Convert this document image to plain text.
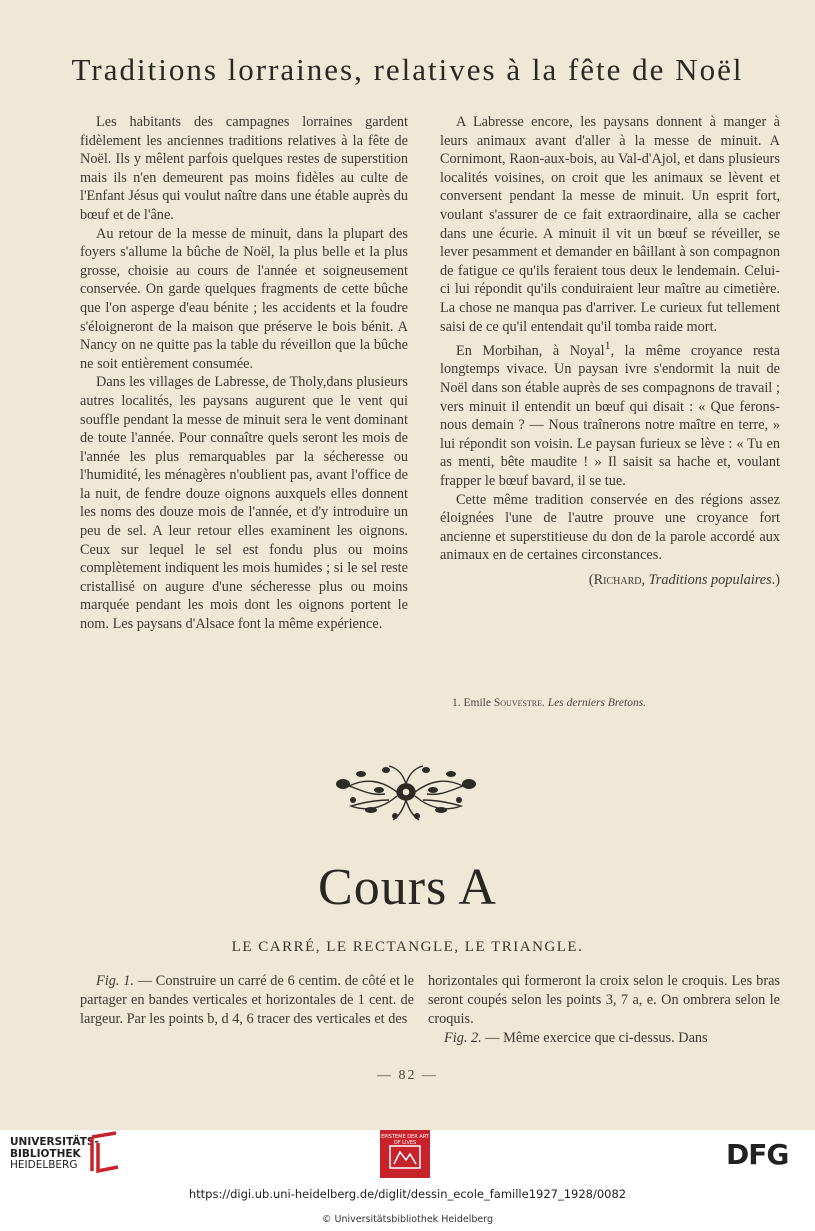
Traditions lorraines, relatives à la fête de Noël

Les habitants des campagnes lorraines gardent fidèlement les anciennes traditions relatives à la fête de Noël. Ils y mêlent parfois quelques restes de superstition mais ils n'en demeurent pas moins fidèles au culte de l'Enfant Jésus qui voulut naître dans une étable auprès du bœuf et de l'âne.

Au retour de la messe de minuit, dans la plupart des foyers s'allume la bûche de Noël, la plus belle et la plus grosse, choisie au cours de l'année et soigneusement conservée. On garde quelques fragments de cette bûche que l'on asperge d'eau bénite ; les accidents et la foudre s'éloigneront de la maison que préserve le bois bénit. A Nancy on ne quitte pas la table du réveillon que la bûche ne soit entièrement consumée.

Dans les villages de Labresse, de Tholy,dans plusieurs autres localités, les paysans augurent que le vent qui souffle pendant la messe de minuit sera le vent dominant de toute l'année. Pour connaître quels seront les mois de l'année les plus remarquables par la sécheresse ou l'humidité, les ménagères n'oublient pas, avant l'office de la nuit, de fendre douze oignons auxquels elles donnent les noms des douze mois de l'année, et d'y introduire un peu de sel. A leur retour elles examinent les oignons. Ceux sur lequel le sel est fondu plus ou moins complètement indiquent les mois humides ; si le sel reste cristallisé on augure d'une sécheresse plus ou moins marquée pendant les mois dont les oignons portent le nom. Les paysans d'Alsace font la même expérience.

A Labresse encore, les paysans donnent à manger à leurs animaux avant d'aller à la messe de minuit. A Cornimont, Raon-aux-bois, au Val-d'Ajol, et dans plusieurs localités voisines, on croit que les animaux se lèvent et conversent pendant la messe de minuit. Un esprit fort, voulant s'assurer de ce fait extraordinaire, alla se cacher dans une écurie. A minuit il vit un bœuf se réveiller, se lever pesamment et demander en bâillant à son compagnon de fatigue ce qu'ils feraient tous deux le lendemain. Celui-ci lui répondit qu'ils conduiraient leur maître au cimetière. La chose ne manqua pas d'arriver. Le curieux fut tellement saisi de ce qu'il entendait qu'il tomba raide mort.

En Morbihan, à Noyal$^1$, la même croyance resta longtemps vivace. Un paysan ivre s'endormit la nuit de Noël dans son étable auprès de ses compagnons de travail ; vers minuit il entendit un bœuf qui disait : « Que ferons-nous demain ? — Nous traînerons notre maître en terre, » lui répondit son voisin. Le paysan furieux se lève : « Tu en as menti, bête maudite ! » Il saisit sa hache et, voulant frapper le bœuf bavard, il se tue.

Cette même tradition conservée en des régions assez éloignées l'une de l'autre prouve une croyance fort ancienne et superstitieuse du don de la parole accordé aux animaux en de certaines circonstances.

(Richard, Traditions populaires.)
1. Emile Souvestre. Les derniers Bretons.
Cours A
LE CARRÉ, LE RECTANGLE, LE TRIANGLE.

Fig. 1. — Construire un carré de 6 centim. de côté et le partager en bandes verticales et horizontales de 1 cent. de largeur. Par les points b, d 4, 6 tracer des verticales et des

horizontales qui formeront la croix selon le croquis. Les bras seront coupés selon les points 3, 7 a, e. On ombrera selon le croquis.

Fig. 2. — Même exercice que ci-dessus. Dans

— 82 —
UNIVERSITÄTS-
BIBLIOTHEK
HEIDELBERG
EPISTEME DER ART OF LIVES	DFG
https://digi.ub.uni-heidelberg.de/diglit/dessin_ecole_famille1927_1928/0082
© Universitätsbibliothek Heidelberg
